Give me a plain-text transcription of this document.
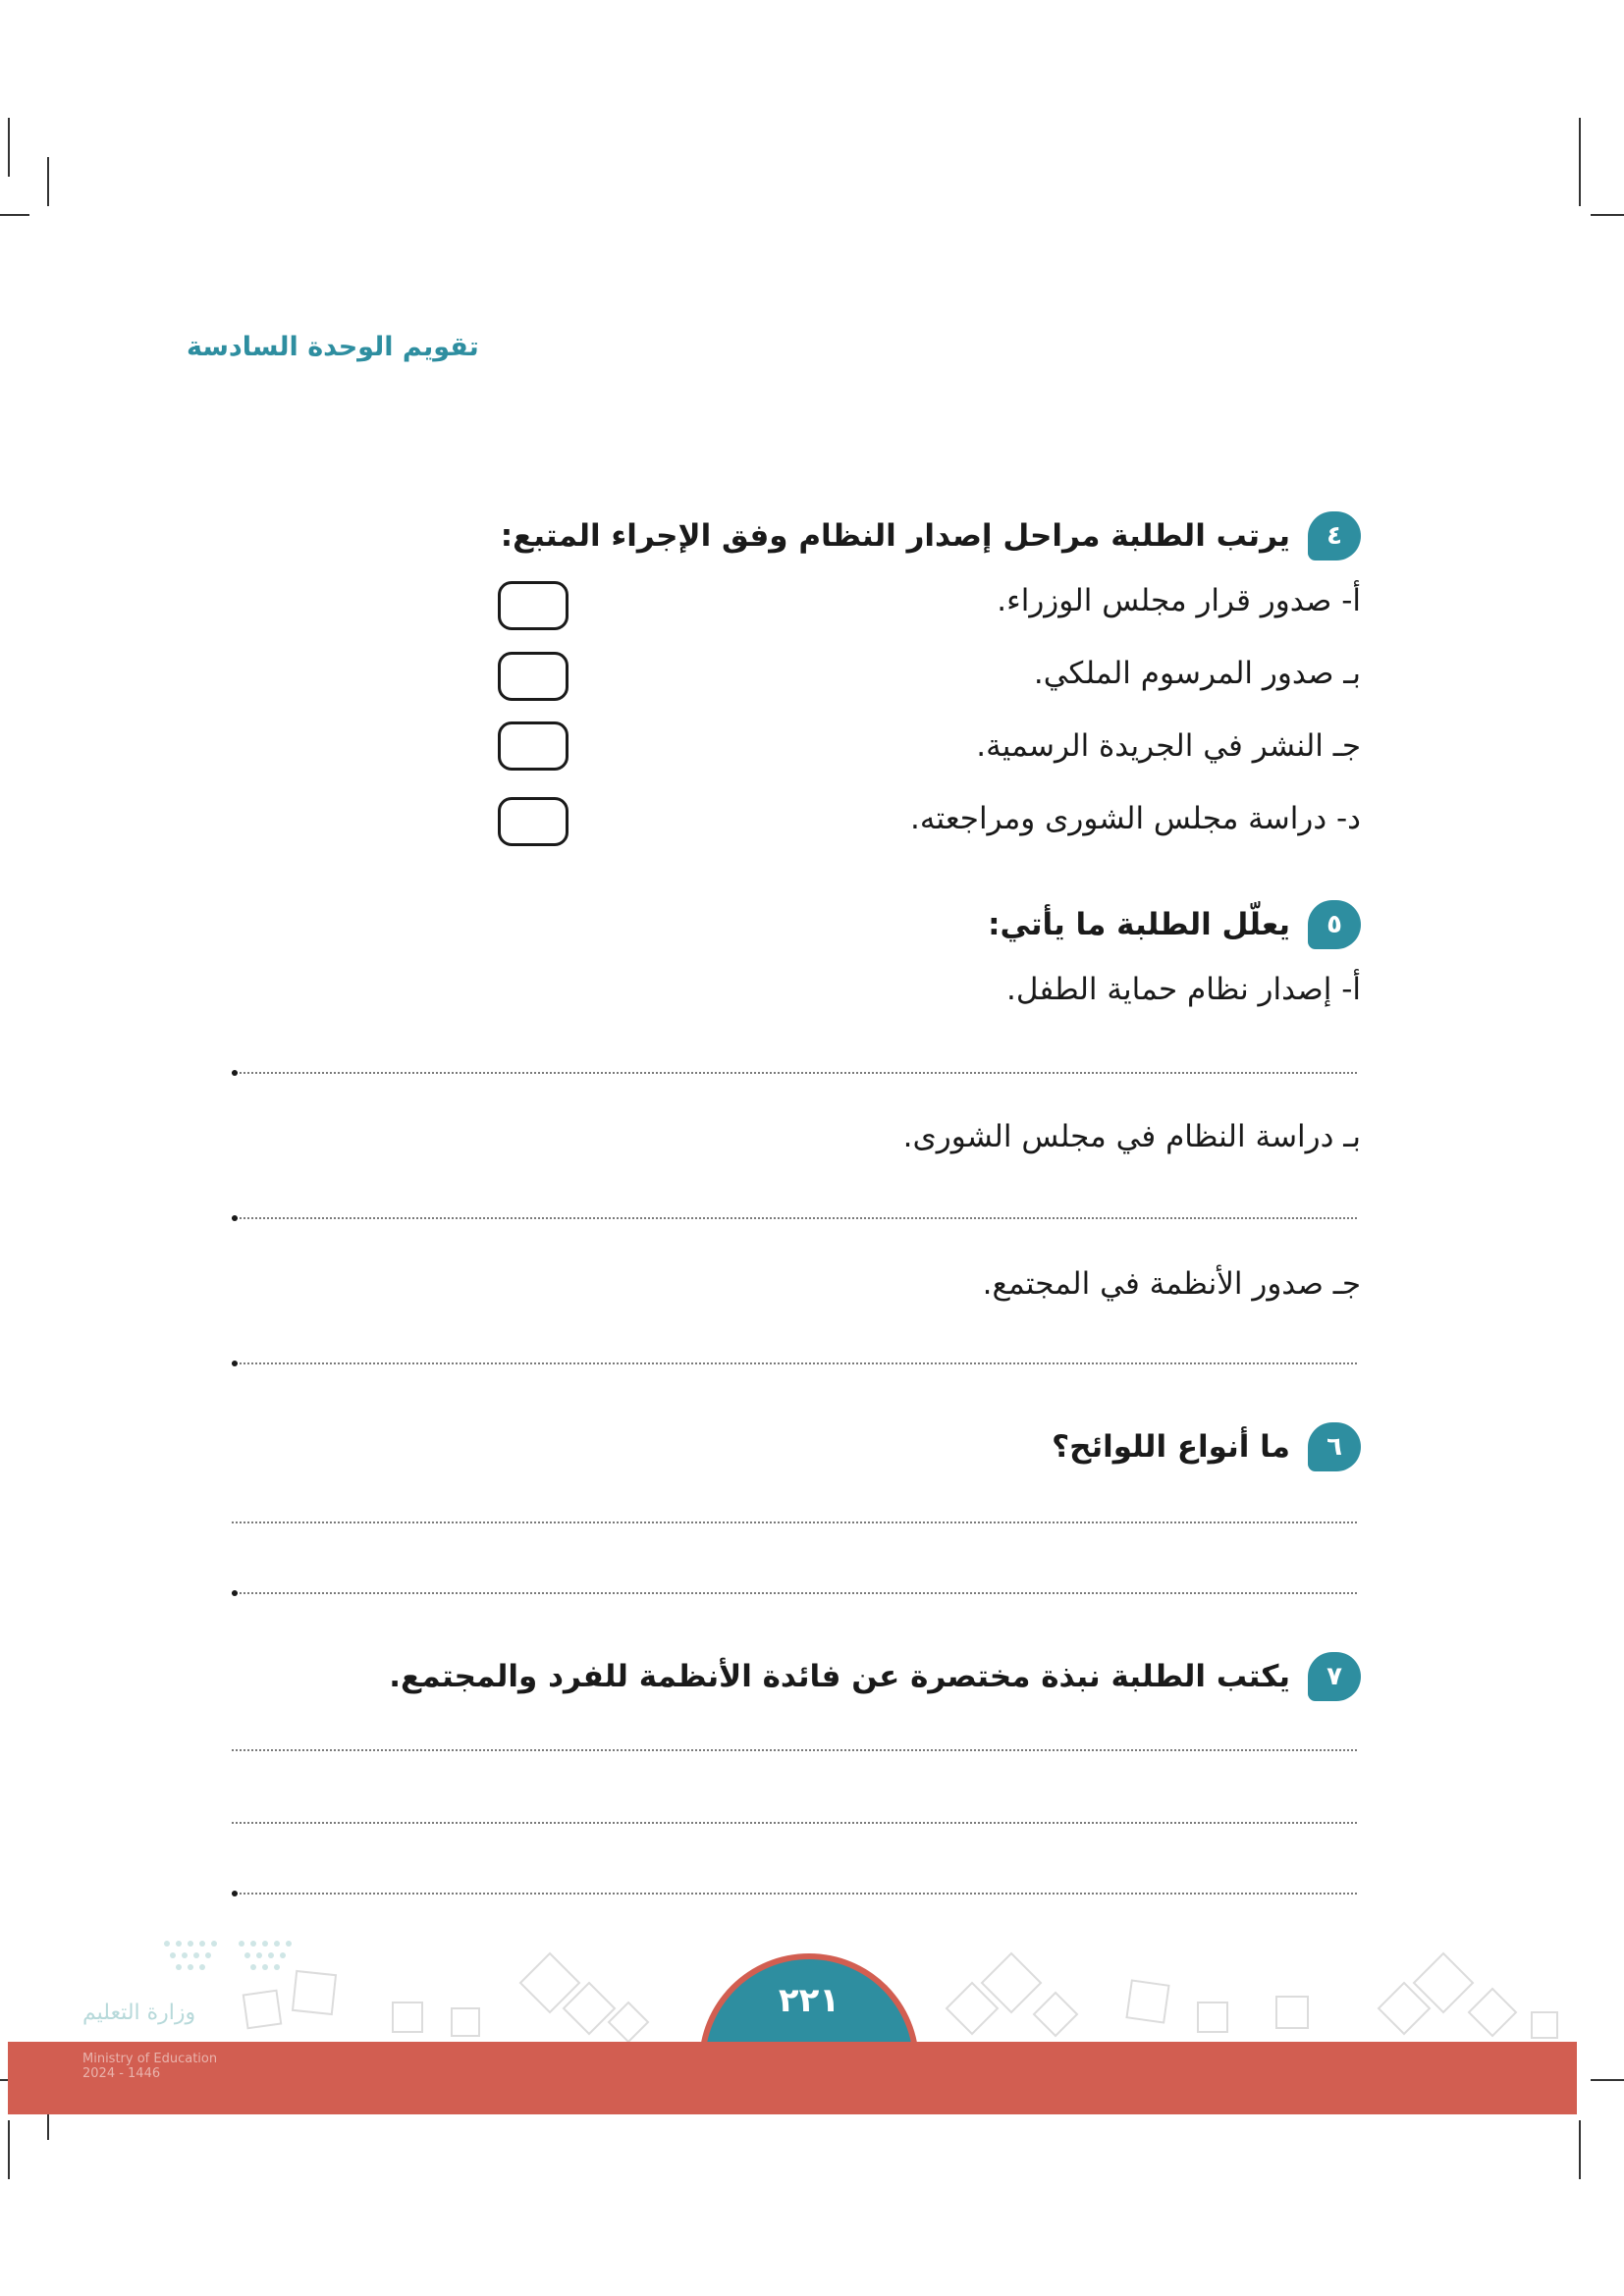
تقويم الوحدة السادسة
٤
يرتب الطلبة مراحل إصدار النظام وفق الإجراء المتبع:
أ- صدور قرار مجلس الوزراء.
بـ صدور المرسوم الملكي.
جـ النشر في الجريدة الرسمية.
د- دراسة مجلس الشورى ومراجعته.
٥
يعلّل الطلبة ما يأتي:
أ- إصدار نظام حماية الطفل.
بـ دراسة النظام في مجلس الشورى.
جـ صدور الأنظمة في المجتمع.
٦
ما أنواع اللوائح؟
٧
يكتب الطلبة نبذة مختصرة عن فائدة الأنظمة للفرد والمجتمع.
وزارة التعليم
Ministry of Education 2024 - 1446
٢٢١
